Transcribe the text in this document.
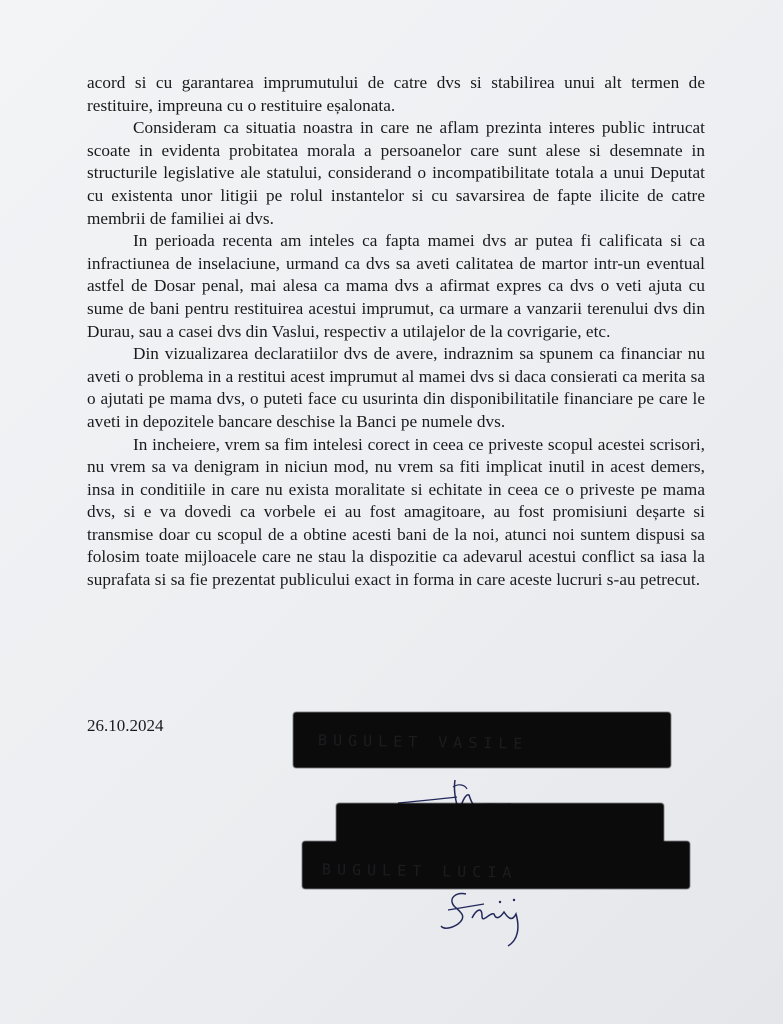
acord si cu garantarea imprumutului de catre dvs si stabilirea unui alt termen de restituire, impreuna cu o restituire eșalonata.

Consideram ca situatia noastra in care ne aflam prezinta interes public intrucat scoate in evidenta probitatea morala a persoanelor care sunt alese si desemnate in structurile legislative ale statului, considerand o incompatibilitate totala a unui Deputat cu existenta unor litigii pe rolul instantelor si cu savarsirea de fapte ilicite de catre membrii de familiei ai dvs.

In perioada recenta am inteles ca fapta mamei dvs ar putea fi calificata si ca infractiunea de inselaciune, urmand ca dvs sa aveti calitatea de martor intr-un eventual astfel de Dosar penal, mai alesa ca mama dvs a afirmat expres ca dvs o veti ajuta cu sume de bani pentru restituirea acestui imprumut, ca urmare a vanzarii terenului dvs din Durau, sau a casei dvs din Vaslui, respectiv a utilajelor de la covrigarie, etc.

Din vizualizarea declaratiilor dvs de avere, indraznim sa spunem ca financiar nu aveti o problema in a restitui acest imprumut al mamei dvs si daca consierati ca merita sa o ajutati pe mama dvs, o puteti face cu usurinta din disponibilitatile financiare pe care le aveti in depozitele bancare deschise la Banci pe numele dvs.

In incheiere, vrem sa fim intelesi corect in ceea ce priveste scopul acestei scrisori, nu vrem sa va denigram in niciun mod, nu vrem sa fiti implicat inutil in acest demers, insa in conditiile in care nu exista moralitate si echitate in ceea ce o priveste pe mama dvs, si e va dovedi ca vorbele ei au fost amagitoare, au fost promisiuni deșarte si transmise doar cu scopul de a obtine acesti bani de la noi, atunci noi suntem dispusi sa folosim toate mijloacele care ne stau la dispozitie ca adevarul acestui conflict sa iasa la suprafata si sa fie prezentat publicului exact in forma in care aceste lucruri s-au petrecut.

26.10.2024
BUGULET VASILE
BUGULET LUCIA
